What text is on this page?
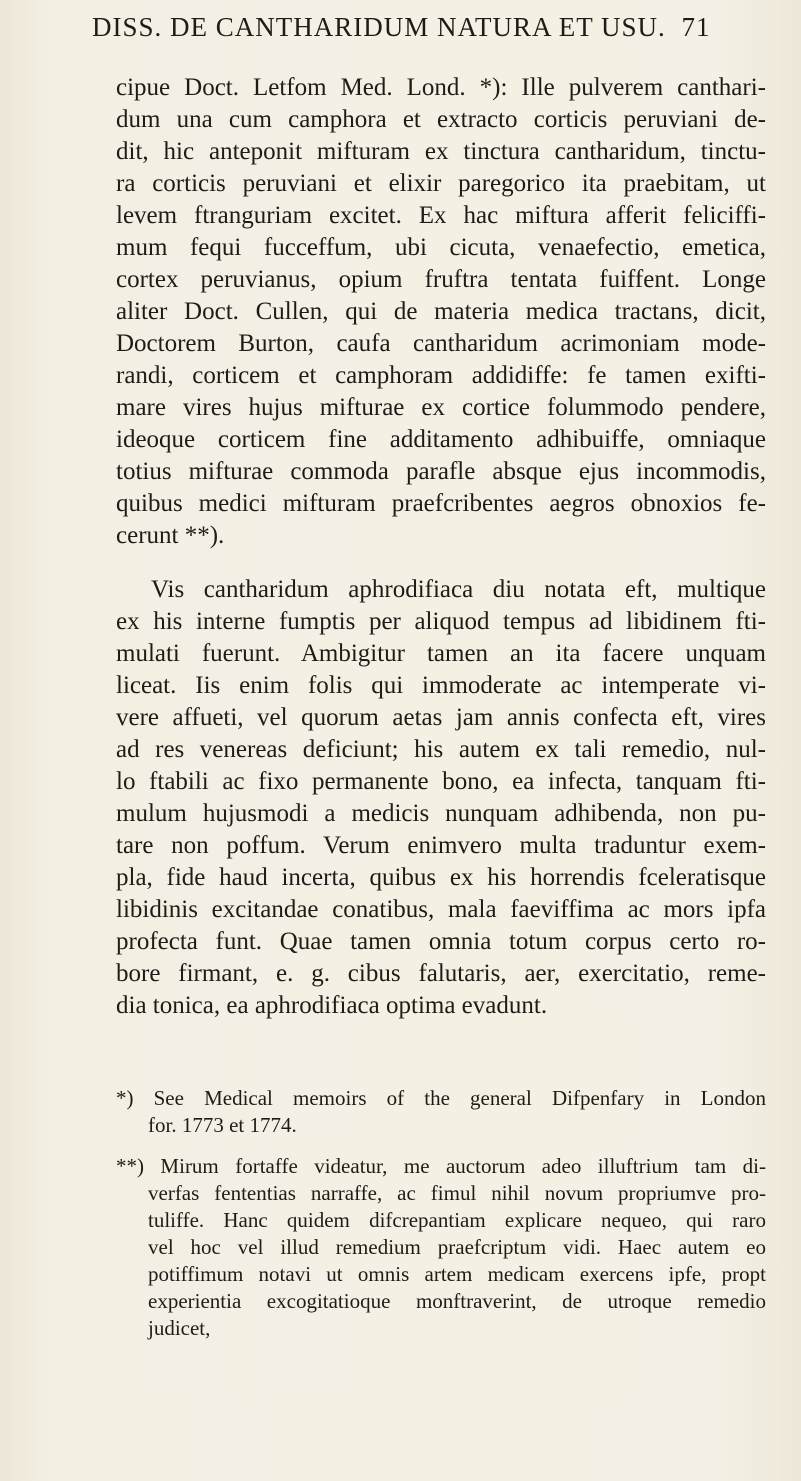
DISS. DE CANTHARIDUM NATURA ET USU. 71
cipue Doct. Letfom Med. Lond. *): Ille pulverem canthari-
dum una cum camphora et extracto corticis peruviani de-
dit, hic anteponit mifturam ex tinctura cantharidum, tinctu-
ra corticis peruviani et elixir paregorico ita praebitam, ut
levem ftranguriam excitet. Ex hac miftura afferit feliciffi-
mum fequi fucceffum, ubi cicuta, venaefectio, emetica,
cortex peruvianus, opium fruftra tentata fuiffent. Longe
aliter Doct. Cullen, qui de materia medica tractans, dicit,
Doctorem Burton, caufa cantharidum acrimoniam mode-
randi, corticem et camphoram addidiffe: fe tamen exifti-
mare vires hujus mifturae ex cortice folummodo pendere,
ideoque corticem fine additamento adhibuiffe, omniaque
totius mifturae commoda parafle absque ejus incommodis,
quibus medici mifturam praefcribentes aegros obnoxios fe-
cerunt **).
Vis cantharidum aphrodifiaca diu notata eft, multique
ex his interne fumptis per aliquod tempus ad libidinem fti-
mulati fuerunt. Ambigitur tamen an ita facere unquam
liceat. Iis enim folis qui immoderate ac intemperate vi-
vere affueti, vel quorum aetas jam annis confecta eft, vires
ad res venereas deficiunt; his autem ex tali remedio, nul-
lo ftabili ac fixo permanente bono, ea infecta, tanquam fti-
mulum hujusmodi a medicis nunquam adhibenda, non pu-
tare non poffum. Verum enimvero multa traduntur exem-
pla, fide haud incerta, quibus ex his horrendis fceleratisque
libidinis excitandae conatibus, mala faeviffima ac mors ipfa
profecta funt. Quae tamen omnia totum corpus certo ro-
bore firmant, e. g. cibus falutaris, aer, exercitatio, reme-
dia tonica, ea aphrodifiaca optima evadunt.
*) See Medical memoirs of the general Difpenfary in London
for. 1773 et 1774.
**) Mirum fortaffe videatur, me auctorum adeo illuftrium tam di-
verfas fententias narraffe, ac fimul nihil novum propriumve pro-
tuliffe. Hanc quidem difcrepantiam explicare nequeo, qui raro
vel hoc vel illud remedium praefcriptum vidi. Haec autem eo
potiffimum notavi ut omnis artem medicam exercens ipfe, propt
experientia excogitatioque monftraverint, de utroque remedio
judicet,
